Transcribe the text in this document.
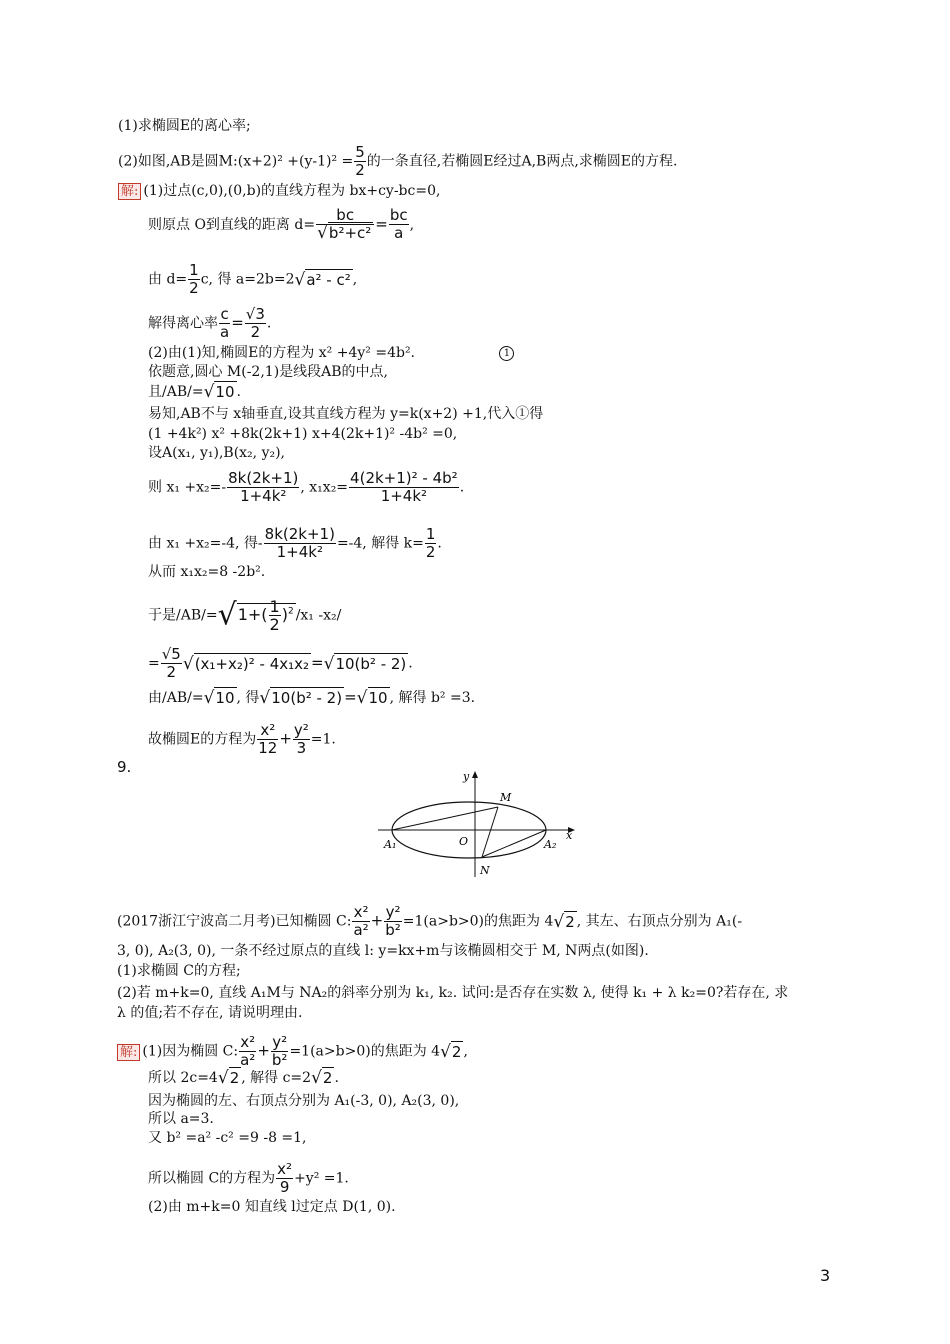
(1)求椭圆E的离心率;
(2)如图,AB是圆M:(x+2)² $+(y-1)^2 = \frac{5}{2}$ 的一条直径,若椭圆E经过A,B两点,求椭圆E的方程.
解: (1)过点(c,0),(0,b)的直线方程为 bx+cy-bc=0,
则原点 O到直线的距离 $d= \frac{bc}{\text{√b²+c²}} = \frac{bc}{a}$ ,
由 $d= \frac{1}{2} c$, 得 a=2b=2√a² - c² ,
解得离心率 $\frac{c}{a} = \frac{√3}{2}$ .
(2)由(1)知,椭圆E的方程为 x² +4y² =4b².	1
依题意,圆心 M(-2,1)是线段AB的中点,
且/AB/=√10 .
易知,AB不与 x轴垂直,设其直线方程为 y=k(x+2) +1,代入①得
(1 +4k²) x² +8k(2k+1) x+4(2k+1)² -4b² =0,
设A(x₁, y₁),B(x₂, y₂),
则 $x_1 +x_2=- \frac{8k(2k+1)}{\text{1+4k²}}$ , $x_1x_2= \frac{\text{4(2k+1)² - 4b²}}{\text{1+4k²}}$ .
由 x₁ +x₂=-4, 得- $\frac{8k(2k+1)}{\text{1+4k²}} =-4$, 解得 $k= \frac{1}{2}$ .
从而 x₁x₂=8 -2b².
于是$/AB/=√1+( \frac{1}{2} )^2$ /x₁ -x₂/
= $\frac{√5}{2} √(x_1+x_2)^2 - 4x_1x_2 =√10(b^2 - 2)$ .
由/AB/=√10 , 得√10(b² - 2) =√10 , 解得 b² =3.
故椭圆E的方程为 $\frac{\text{x²}}{12} + \frac{\text{y²}}{3} =1$.
9.
y
x
O
M
N
A₁	A₂
(2017浙江宁波高二月考)已知椭圆 C: $\frac{\text{x²}}{\text{a²}} + \frac{\text{y²}}{\text{b²}} =1(a>b>0)$的焦距为 4√2 , 其左、右顶点分别为 A₁(-
3, 0), A₂(3, 0), 一条不经过原点的直线 l: y=kx+m与该椭圆相交于 M, N两点(如图).
(1)求椭圆 C的方程;
(2)若 m+k=0, 直线 A₁M与 NA₂的斜率分别为 k₁, k₂. 试问:是否存在实数 λ, 使得 k₁ + λ k₂=0?若存在, 求
λ 的值;若不存在, 请说明理由.
解: (1)因为椭圆 C: $\frac{\text{x²}}{\text{a²}} + \frac{\text{y²}}{\text{b²}} =1(a>b>0)$的焦距为 4√2 ,
所以 2c=4√2 , 解得 c=2√2 .
因为椭圆的左、右顶点分别为 A₁(-3, 0), A₂(3, 0),
所以 a=3.
又 b² =a² -c² =9 -8 =1,
所以椭圆 C的方程为 $\frac{\text{x²}}{9} +y^2 =1$.
(2)由 m+k=0 知直线 l过定点 D(1, 0).
3
